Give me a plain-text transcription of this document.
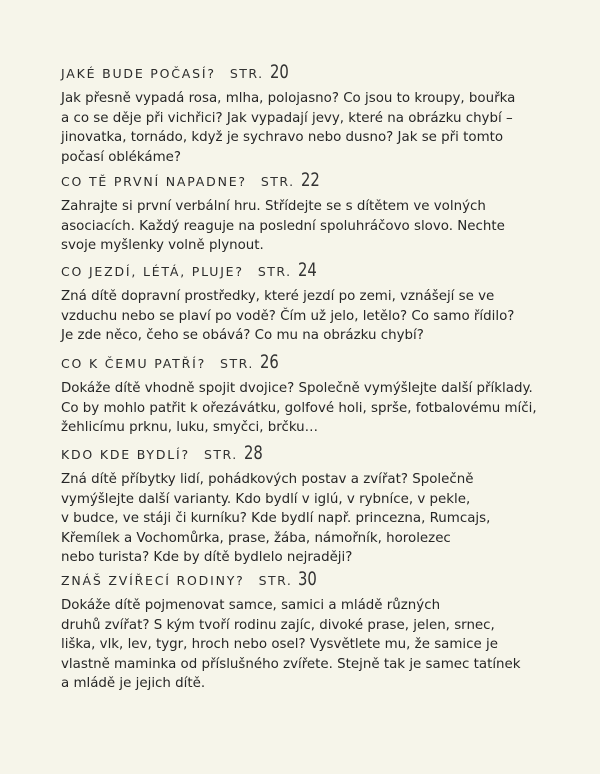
JAKÉ BUDE POČASÍ? STR. 20

Jak přesně vypadá rosa, mlha, polojasno? Co jsou to kroupy, bouřka
a co se děje při vichřici? Jak vypadají jevy, které na obrázku chybí –
jinovatka, tornádo, když je sychravo nebo dusno? Jak se při tomto
počasí oblékáme?

CO TĚ PRVNÍ NAPADNE? STR. 22

Zahrajte si první verbální hru. Střídejte se s dítětem ve volných
asociacích. Každý reaguje na poslední spoluhráčovo slovo. Nechte
svoje myšlenky volně plynout.

CO JEZDÍ, LÉTÁ, PLUJE? STR. 24

Zná dítě dopravní prostředky, které jezdí po zemi, vznášejí se ve
vzduchu nebo se plaví po vodě? Čím už jelo, letělo? Co samo řídilo?
Je zde něco, čeho se obává? Co mu na obrázku chybí?

CO K ČEMU PATŘÍ? STR. 26

Dokáže dítě vhodně spojit dvojice? Společně vymýšlejte další příklady.
Co by mohlo patřit k ořezávátku, golfové holi, sprše, fotbalovému míči,
žehlicímu prknu, luku, smyčci, brčku…

KDO KDE BYDLÍ? STR. 28

Zná dítě příbytky lidí, pohádkových postav a zvířat? Společně
vymýšlejte další varianty. Kdo bydlí v iglú, v rybníce, v pekle,
v budce, ve stáji či kurníku? Kde bydlí např. princezna, Rumcajs,
Křemílek a Vochomůrka, prase, žába, námořník, horolezec
nebo turista? Kde by dítě bydlelo nejraději?

ZNÁŠ ZVÍŘECÍ RODINY? STR. 30

Dokáže dítě pojmenovat samce, samici a mládě různých
druhů zvířat? S kým tvoří rodinu zajíc, divoké prase, jelen, srnec,
liška, vlk, lev, tygr, hroch nebo osel? Vysvětlete mu, že samice je
vlastně maminka od příslušného zvířete. Stejně tak je samec tatínek
a mládě je jejich dítě.
